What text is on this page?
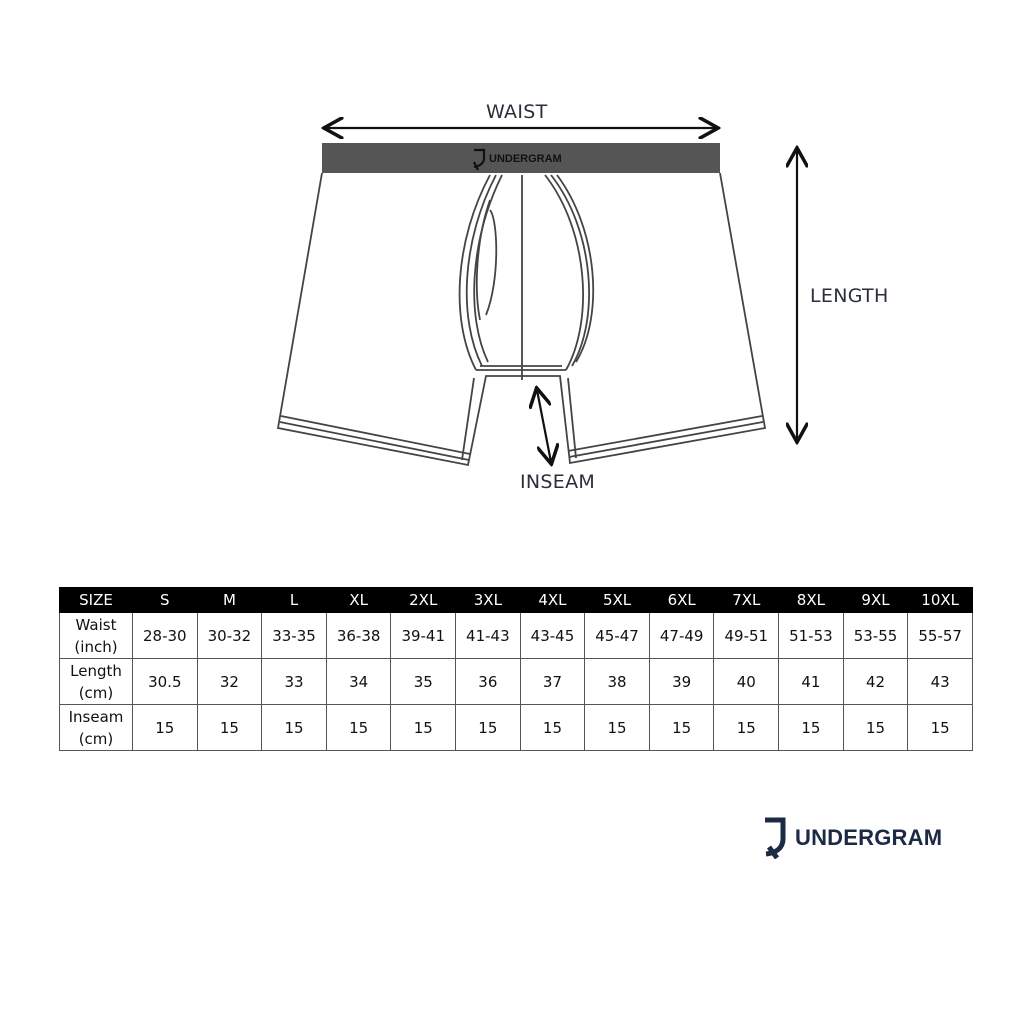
UNDERGRAM
WAIST
LENGTH
INSEAM
SIZE	S	M	L	XL	2XL	3XL	4XL	5XL	6XL	7XL	8XL	9XL	10XL
Waist
(inch)	28-30	30-32	33-35	36-38	39-41	41-43	43-45	45-47	47-49	49-51	51-53	53-55	55-57
Length
(cm)	30.5	32	33	34	35	36	37	38	39	40	41	42	43
Inseam
(cm)	15	15	15	15	15	15	15	15	15	15	15	15	15
UNDERGRAM
